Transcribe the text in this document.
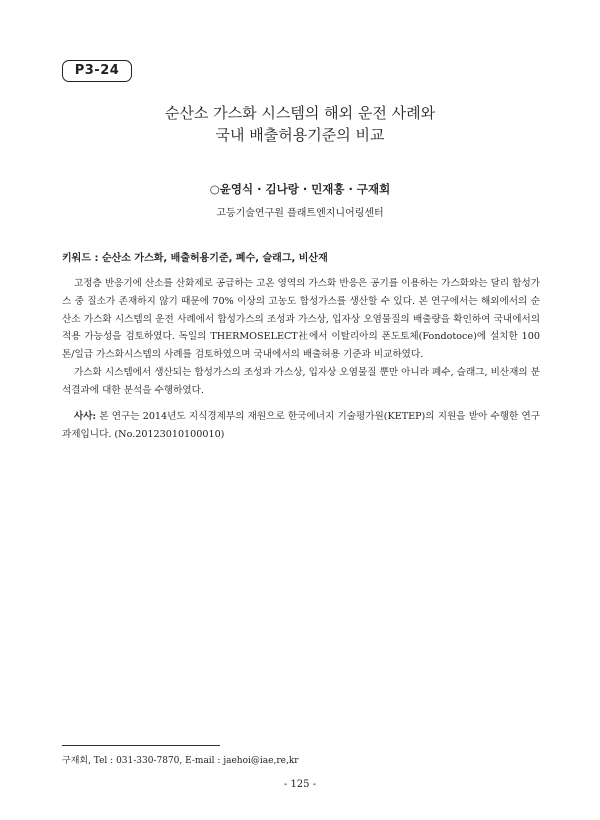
P3-24
순산소 가스화 시스템의 해외 운전 사례와
국내 배출허용기준의 비교
○윤영식 · 김나랑 · 민재홍 · 구재회
고등기술연구원 플래트엔지니어링센터
키워드 : 순산소 가스화, 배출허용기준, 폐수, 슬래그, 비산재

고정층 반응기에 산소를 산화제로 공급하는 고온 영역의 가스화 반응은 공기를 이용하는 가스화와는 달리 합성가스 중 질소가 존재하지 않기 때문에 70% 이상의 고농도 합성가스를 생산할 수 있다. 본 연구에서는 해외에서의 순산소 가스화 시스템의 운전 사례에서 합성가스의 조성과 가스상, 입자상 오염물질의 배출량을 확인하여 국내에서의 적용 가능성을 검토하였다. 독일의 THERMOSELECT社에서 이탈리아의 폰도토체(Fondotoce)에 설치한 100 톤/일급 가스화시스템의 사례를 검토하였으며 국내에서의 배출허용 기준과 비교하였다.

가스화 시스템에서 생산되는 합성가스의 조성과 가스상, 입자상 오염물질 뿐만 아니라 폐수, 슬래그, 비산재의 분석결과에 대한 분석을 수행하였다.

사사: 본 연구는 2014년도 지식경제부의 재원으로 한국에너지 기술평가원(KETEP)의 지원을 받아 수행한 연구과제입니다. (No.20123010100010)

구재회, Tel : 031-330-7870, E-mail : jaehoi@iae,re,kr
- 125 -
